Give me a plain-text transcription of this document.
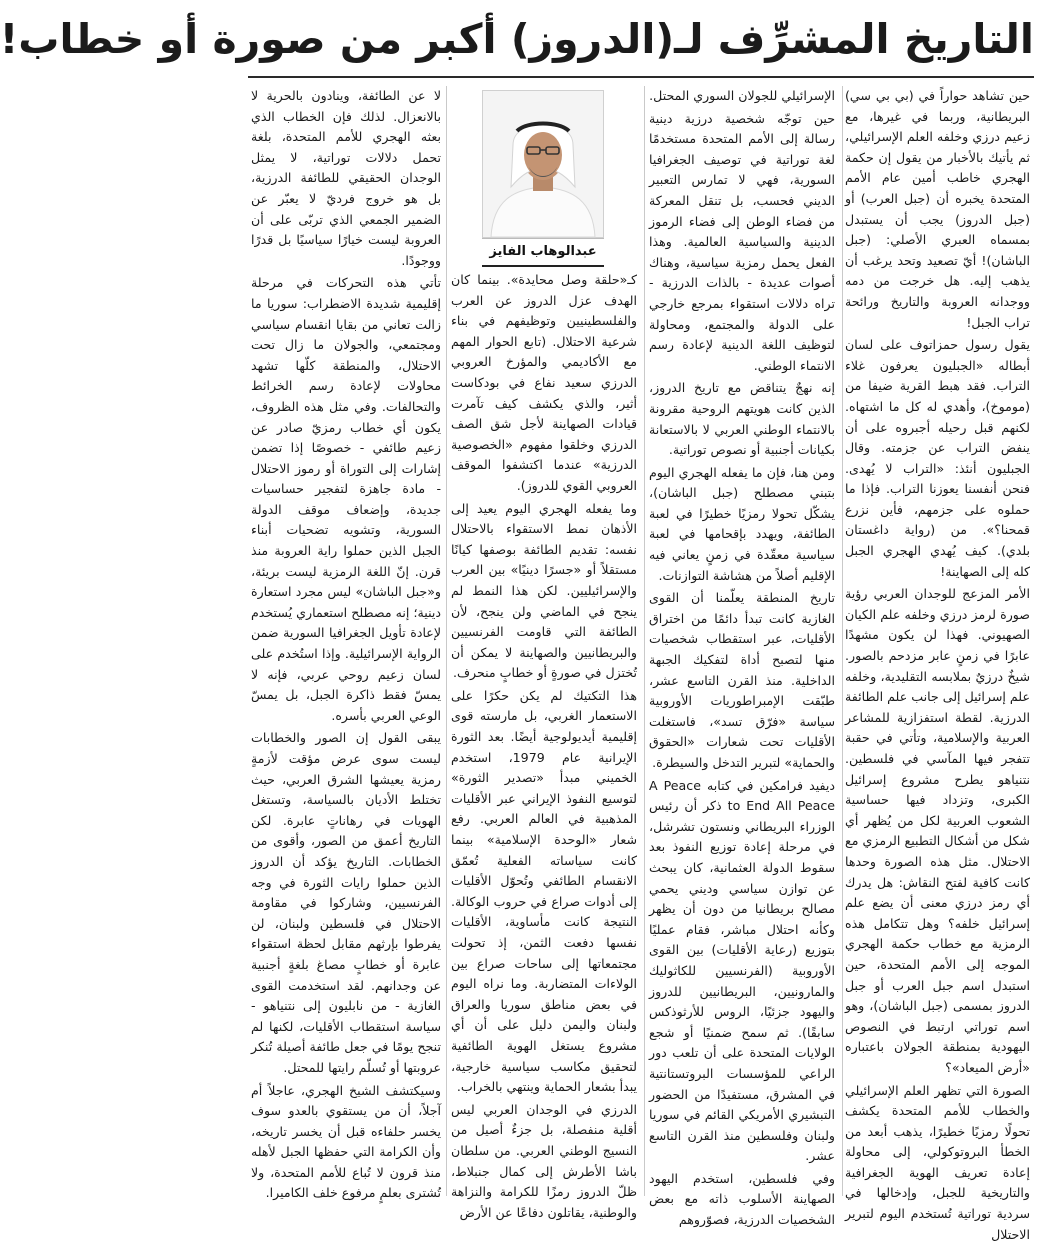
التاريخ المشرِّف لـ(الدروز) أكبر من صورة أو خطاب!

حين تشاهد حواراً في (بي بي سي) البريطانية، وربما في غيرها، مع زعيم درزي وخلفه العلم الإسرائيلي، ثم يأتيك بالأخبار من يقول إن حكمة الهجري خاطب أمين عام الأمم المتحدة يخبره أن (جبل العرب) أو (جبل الدروز) يجب أن يستبدل بمسماه العبري الأصلي: (جبل الباشان)! أيّ تصعيد وتحد يرغب أن يذهب إليه. هل خرجت من دمه ووجدانه العروبة والتاريخ ورائحة تراب الجبل!

يقول رسول حمزاتوف على لسان أبطاله «الجبليون يعرفون غلاء التراب. فقد هبط القرية ضيفا من (موموخ)، وأهدي له كل ما اشتهاه. لكنهم قبل رحيله أجبروه على أن ينفض التراب عن جزمته. وقال الجبليون أنئذ: «التراب لا يُهدى. فنحن أنفسنا يعوزنا التراب. فإذا ما حملوه على جزمهم، فأين نزرع قمحنا؟». من (رواية داغستان بلدي). كيف يُهدي الهجري الجبل كله إلى الصهاينة!

الأمر المزعج للوجدان العربي رؤية صورة لرمز درزي وخلفه علم الكيان الصهيوني. فهذا لن يكون مشهدًا عابرًا في زمنٍ عابر مزدحم بالصور. شيخٌ درزيٌ بملابسه التقليدية، وخلفه علم إسرائيل إلى جانب علم الطائفة الدرزية. لقطة استفزازية للمشاعر العربية والإسلامية، وتأتي في حقبة تتفجر فيها المآسي في فلسطين. نتنياهو يطرح مشروع إسرائيل الكبرى، وتزداد فيها حساسية الشعوب العربية لكل من يُظهر أي شكل من أشكال التطبيع الرمزي مع الاحتلال. مثل هذه الصورة وحدها كانت كافية لفتح النقاش: هل يدرك أي رمز درزي معنى أن يضع علم إسرائيل خلفه؟ وهل تتكامل هذه الرمزية مع خطاب حكمة الهجري الموجه إلى الأمم المتحدة، حين استبدل اسم جبل العرب أو جبل الدروز بمسمى (جبل الباشان)، وهو اسم توراتي ارتبط في النصوص اليهودية بمنطقة الجولان باعتباره «أرض الميعاد»؟

الصورة التي تظهر العلم الإسرائيلي والخطاب للأمم المتحدة يكشف تحولًا رمزيًا خطيرًا، يذهب أبعد من الخطأ البروتوكولي، إلى محاولة إعادة تعريف الهوية الجغرافية والتاريخية للجبل، وإدخالها في سردية توراتية تُستخدم اليوم لتبرير الاحتلال

الإسرائيلي للجولان السوري المحتل.

حين توجّه شخصية درزية دينية رسالة إلى الأمم المتحدة مستخدمًا لغة توراتية في توصيف الجغرافيا السورية، فهي لا تمارس التعبير الديني فحسب، بل تنقل المعركة من فضاء الوطن إلى فضاء الرموز الدينية والسياسية العالمية. وهذا الفعل يحمل رمزية سياسية، وهناك أصوات عديدة - بالذات الدرزية - تراه دلالات استقواء بمرجع خارجي على الدولة والمجتمع، ومحاولة لتوظيف اللغة الدينية لإعادة رسم الانتماء الوطني.

إنه نهجٌ يتناقض مع تاريخ الدروز، الذين كانت هويتهم الروحية مقرونة بالانتماء الوطني العربي لا بالاستعانة بكيانات أجنبية أو نصوص توراتية.

ومن هنا، فإن ما يفعله الهجري اليوم بتبني مصطلح (جبل الباشان)، يشكّل تحولا رمزيًا خطيرًا في لعبة الطائفة، ويهدد بإقحامها في لعبة سياسية معقّدة في زمنٍ يعاني فيه الإقليم أصلاً من هشاشة التوازنات.

تاريخ المنطقة يعلّمنا أن القوى الغازية كانت تبدأ دائمًا من اختراق الأقليات، عبر استقطاب شخصيات منها لتصبح أداة لتفكيك الجبهة الداخلية. منذ القرن التاسع عشر، طبّقت الإمبراطوريات الأوروبية سياسة «فرّق تسد»، فاستغلت الأقليات تحت شعارات «الحقوق والحماية» لتبرير التدخل والسيطرة.

ديفيد فرامكين في كتابه A Peace to End All Peace ذكر أن رئيس الوزراء البريطاني ونستون تشرشل، في مرحلة إعادة توزيع النفوذ بعد سقوط الدولة العثمانية، كان يبحث عن توازن سياسي وديني يحمي مصالح بريطانيا من دون أن يظهر وكأنه احتلال مباشر، فقام عمليًا بتوزيع (رعاية الأقليات) بين القوى الأوروبية (الفرنسيين للكاثوليك والمارونيين، البريطانيين للدروز واليهود جزئيًا، الروس للأرثوذكس سابقًا). ثم سمح ضمنيًا أو شجع الولايات المتحدة على أن تلعب دور الراعي للمؤسسات البروتستانتية في المشرق، مستفيدًا من الحضور التبشيري الأمريكي القائم في سوريا ولبنان وفلسطين منذ القرن التاسع عشر.

وفي فلسطين، استخدم اليهود الصهاينة الأسلوب ذاته مع بعض الشخصيات الدرزية، فصوّروهم

عبدالوهاب الفايز

كـ«حلقة وصل محايدة». بينما كان الهدف عزل الدروز عن العرب والفلسطينيين وتوظيفهم في بناء شرعية الاحتلال. (تابع الحوار المهم مع الأكاديمي والمؤرخ العروبي الدرزي سعيد نفاع في بودكاست أثير، والذي يكشف كيف تآمرت قيادات الصهاينة لأجل شق الصف الدرزي وخلقوا مفهوم «الخصوصية الدرزية» عندما اكتشفوا الموقف العروبي القوي للدروز).

وما يفعله الهجري اليوم يعيد إلى الأذهان نمط الاستقواء بالاحتلال نفسه: تقديم الطائفة بوصفها كيانًا مستقلاً أو «جسرًا دينيًا» بين العرب والإسرائيليين. لكن هذا النمط لم ينجح في الماضي ولن ينجح، لأن الطائفة التي قاومت الفرنسيين والبريطانيين والصهاينة لا يمكن أن تُختزل في صورةٍ أو خطابٍ منحرف.

هذا التكتيك لم يكن حكرًا على الاستعمار الغربي، بل مارسته قوى إقليمية أيديولوجية أيضًا. بعد الثورة الإيرانية عام 1979، استخدم الخميني مبدأ «تصدير الثورة» لتوسيع النفوذ الإيراني عبر الأقليات المذهبية في العالم العربي. رفع شعار «الوحدة الإسلامية» بينما كانت سياساته الفعلية تُعمّق الانقسام الطائفي وتُحوّل الأقليات إلى أدوات صراع في حروب الوكالة. النتيجة كانت مأساوية، الأقليات نفسها دفعت الثمن، إذ تحولت مجتمعاتها إلى ساحات صراع بين الولاءات المتضاربة. وما نراه اليوم في بعض مناطق سوريا والعراق ولبنان واليمن دليل على أن أي مشروع يستغل الهوية الطائفية لتحقيق مكاسب سياسية خارجية، يبدأ بشعار الحماية وينتهي بالخراب.

الدرزي في الوجدان العربي ليس أقلية منفصلة، بل جزءٌ أصيل من النسيج الوطني العربي. من سلطان باشا الأطرش إلى كمال جنبلاط، ظلّ الدروز رمزًا للكرامة والنزاهة والوطنية، يقاتلون دفاعًا عن الأرض

لا عن الطائفة، وينادون بالحرية لا بالانعزال. لذلك فإن الخطاب الذي بعثه الهجري للأمم المتحدة، بلغة تحمل دلالات توراتية، لا يمثل الوجدان الحقيقي للطائفة الدرزية، بل هو خروج فرديّ لا يعبّر عن الضمير الجمعي الذي تربّى على أن العروبة ليست خيارًا سياسيًا بل قدرًا ووجودًا.

تأتي هذه التحركات في مرحلة إقليمية شديدة الاضطراب: سوريا ما زالت تعاني من بقايا انقسام سياسي ومجتمعي، والجولان ما زال تحت الاحتلال، والمنطقة كلّها تشهد محاولات لإعادة رسم الخرائط والتحالفات. وفي مثل هذه الظروف، يكون أي خطاب رمزيّ صادر عن زعيم طائفي - خصوصًا إذا تضمن إشارات إلى التوراة أو رموز الاحتلال - مادة جاهزة لتفجير حساسيات جديدة، وإضعاف موقف الدولة السورية، وتشويه تضحيات أبناء الجبل الذين حملوا راية العروبة منذ قرن. إنّ اللغة الرمزية ليست بريئة، و«جبل الباشان» ليس مجرد استعارة دينية؛ إنه مصطلح استعماري يُستخدم لإعادة تأويل الجغرافيا السورية ضمن الرواية الإسرائيلية. وإذا استُخدم على لسان زعيم روحي عربي، فإنه لا يمسّ فقط ذاكرة الجبل، بل يمسّ الوعي العربي بأسره.

يبقى القول إن الصور والخطابات ليست سوى عرض مؤقت لأزمةٍ رمزية يعيشها الشرق العربي، حيث تختلط الأديان بالسياسة، وتستغل الهويات في رهاناتٍ عابرة. لكن التاريخ أعمق من الصور، وأقوى من الخطابات. التاريخ يؤكد أن الدروز الذين حملوا رايات الثورة في وجه الفرنسيين، وشاركوا في مقاومة الاحتلال في فلسطين ولبنان، لن يفرطوا بإرثهم مقابل لحظة استقواء عابرة أو خطابٍ مصاغ بلغةٍ أجنبية عن وجدانهم. لقد استخدمت القوى الغازية - من نابليون إلى نتنياهو - سياسة استقطاب الأقليات، لكنها لم تنجح يومًا في جعل طائفة أصيلة تُنكر عروبتها أو تُسلّم رايتها للمحتل.

وسيكتشف الشيخ الهجري، عاجلاً أم آجلاً، أن من يستقوي بالعدو سوف يخسر حلفاءه قبل أن يخسر تاريخه، وأن الكرامة التي حفظها الجبل لأهله منذ قرون لا تُباع للأمم المتحدة، ولا تُشترى بعلمٍ مرفوع خلف الكاميرا.
